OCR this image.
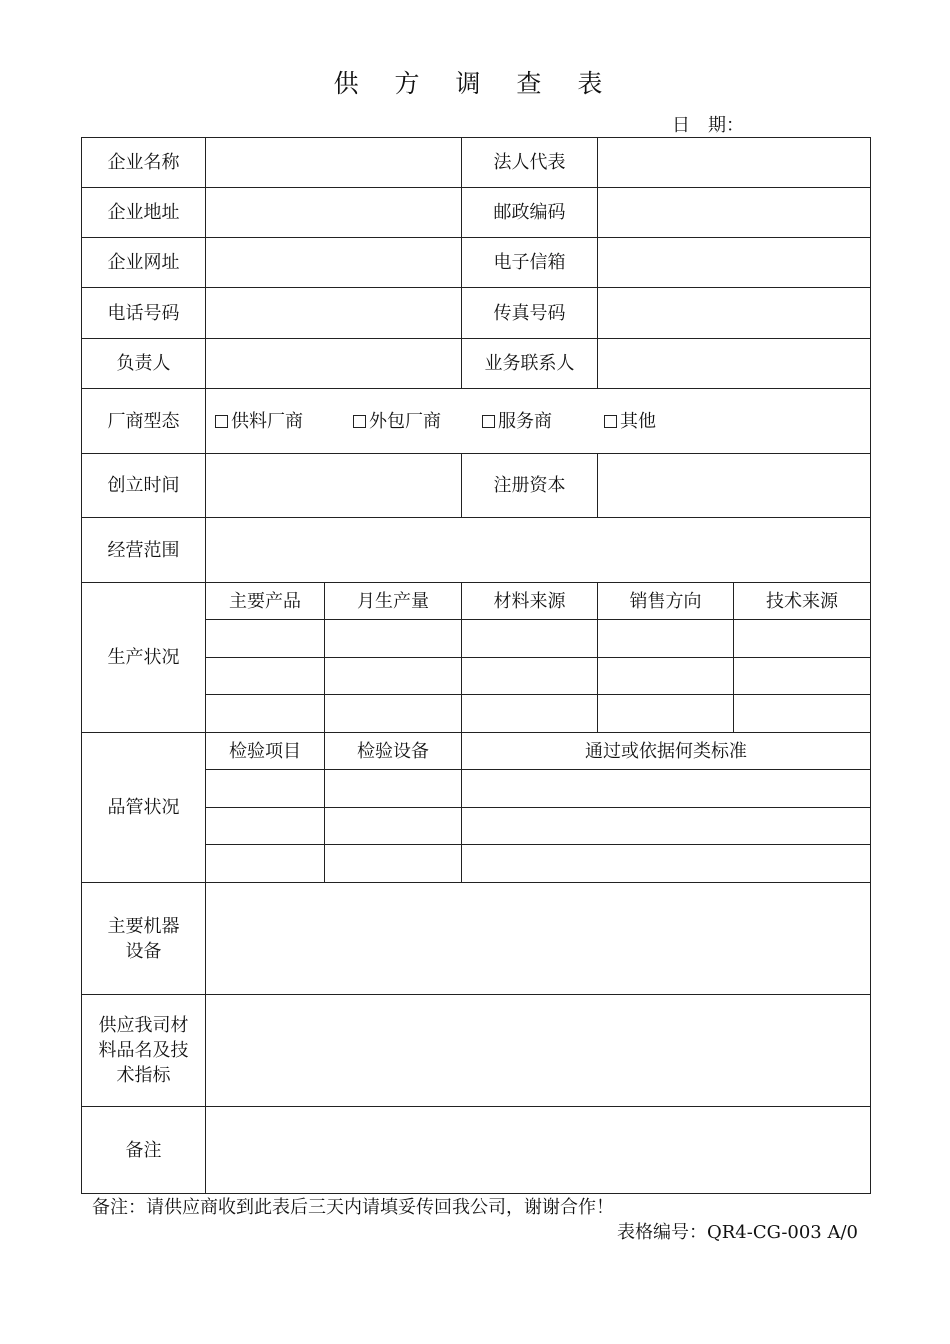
供 方 调 查 表
日　期：
企业名称			法人代表		
企业地址			邮政编码		
企业网址			电子信箱		
电话号码			传真号码		
负责人			业务联系人		
厂商型态	供料厂商 外包厂商 服务商 其他				

创立时间			注册资本		
经营范围					
生产状况	主要产品	月生产量	材料来源	销售方向	技术来源

品管状况	检验项目	检验设备	通过或依据何类标准		

主要机器
设备					

供应我司材
料品名及技
术指标					

备注					
备注：请供应商收到此表后三天内请填妥传回我公司，谢谢合作！
表格编号：QR4-CG-003 A/0
